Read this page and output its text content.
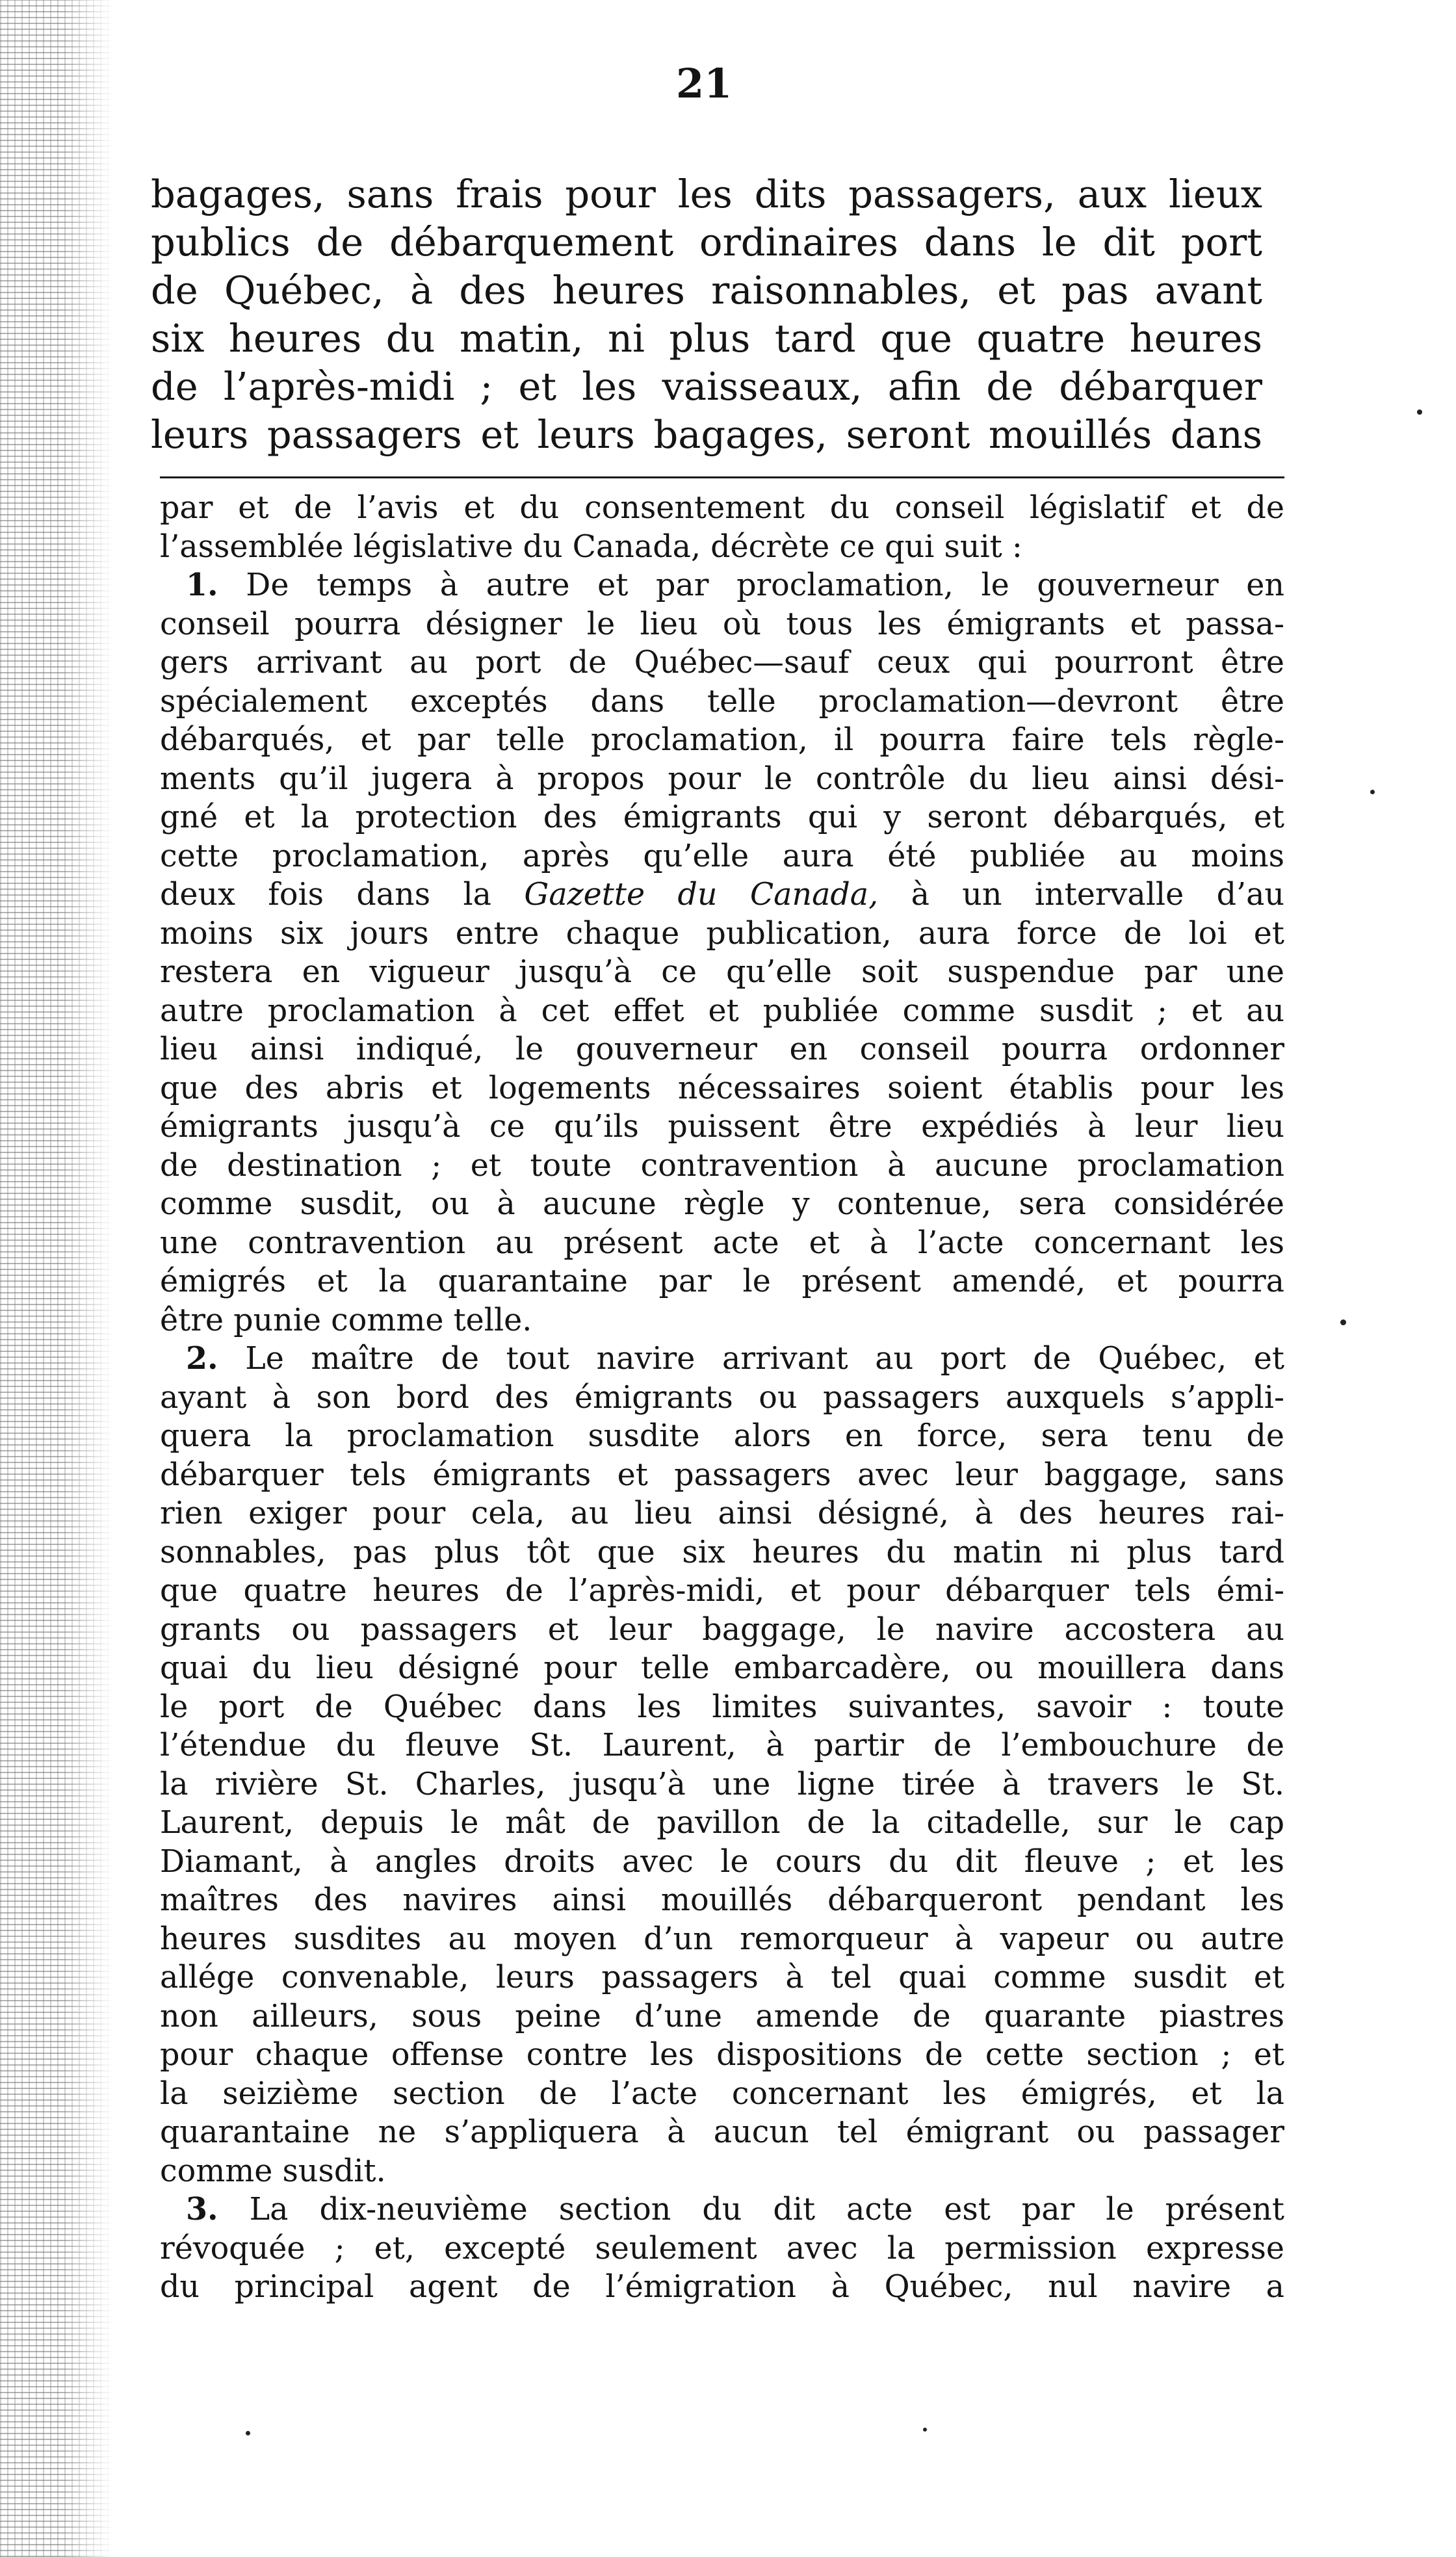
21

bagages, sans frais pour les dits passagers, aux lieux
publics de débarquement ordinaires dans le dit port
de Québec, à des heures raisonnables, et pas avant
six heures du matin, ni plus tard que quatre heures
de l’après-midi ; et les vaisseaux, afin de débarquer
leurs passagers et leurs bagages, seront mouillés dans
par et de l’avis et du consentement du conseil législatif et de
l’assemblée législative du Canada, décrète ce qui suit :
1. De temps à autre et par proclamation, le gouverneur en
conseil pourra désigner le lieu où tous les émigrants et passa-
gers arrivant au port de Québec—sauf ceux qui pourront être
spécialement exceptés dans telle proclamation—devront être
débarqués, et par telle proclamation, il pourra faire tels règle-
ments qu’il jugera à propos pour le contrôle du lieu ainsi dési-
gné et la protection des émigrants qui y seront débarqués, et
cette proclamation, après qu’elle aura été publiée au moins
deux fois dans la Gazette du Canada, à un intervalle d’au
moins six jours entre chaque publication, aura force de loi et
restera en vigueur jusqu’à ce qu’elle soit suspendue par une
autre proclamation à cet effet et publiée comme susdit ; et au
lieu ainsi indiqué, le gouverneur en conseil pourra ordonner
que des abris et logements nécessaires soient établis pour les
émigrants jusqu’à ce qu’ils puissent être expédiés à leur lieu
de destination ; et toute contravention à aucune proclamation
comme susdit, ou à aucune règle y contenue, sera considérée
une contravention au présent acte et à l’acte concernant les
émigrés et la quarantaine par le présent amendé, et pourra
être punie comme telle.
2. Le maître de tout navire arrivant au port de Québec, et
ayant à son bord des émigrants ou passagers auxquels s’appli-
quera la proclamation susdite alors en force, sera tenu de
débarquer tels émigrants et passagers avec leur baggage, sans
rien exiger pour cela, au lieu ainsi désigné, à des heures rai-
sonnables, pas plus tôt que six heures du matin ni plus tard
que quatre heures de l’après-midi, et pour débarquer tels émi-
grants ou passagers et leur baggage, le navire accostera au
quai du lieu désigné pour telle embarcadère, ou mouillera dans
le port de Québec dans les limites suivantes, savoir : toute
l’étendue du fleuve St. Laurent, à partir de l’embouchure de
la rivière St. Charles, jusqu’à une ligne tirée à travers le St.
Laurent, depuis le mât de pavillon de la citadelle, sur le cap
Diamant, à angles droits avec le cours du dit fleuve ; et les
maîtres des navires ainsi mouillés débarqueront pendant les
heures susdites au moyen d’un remorqueur à vapeur ou autre
allége convenable, leurs passagers à tel quai comme susdit et
non ailleurs, sous peine d’une amende de quarante piastres
pour chaque offense contre les dispositions de cette section ; et
la seizième section de l’acte concernant les émigrés, et la
quarantaine ne s’appliquera à aucun tel émigrant ou passager
comme susdit.
3. La dix-neuvième section du dit acte est par le présent
révoquée ; et, excepté seulement avec la permission expresse
du principal agent de l’émigration à Québec, nul navire a
